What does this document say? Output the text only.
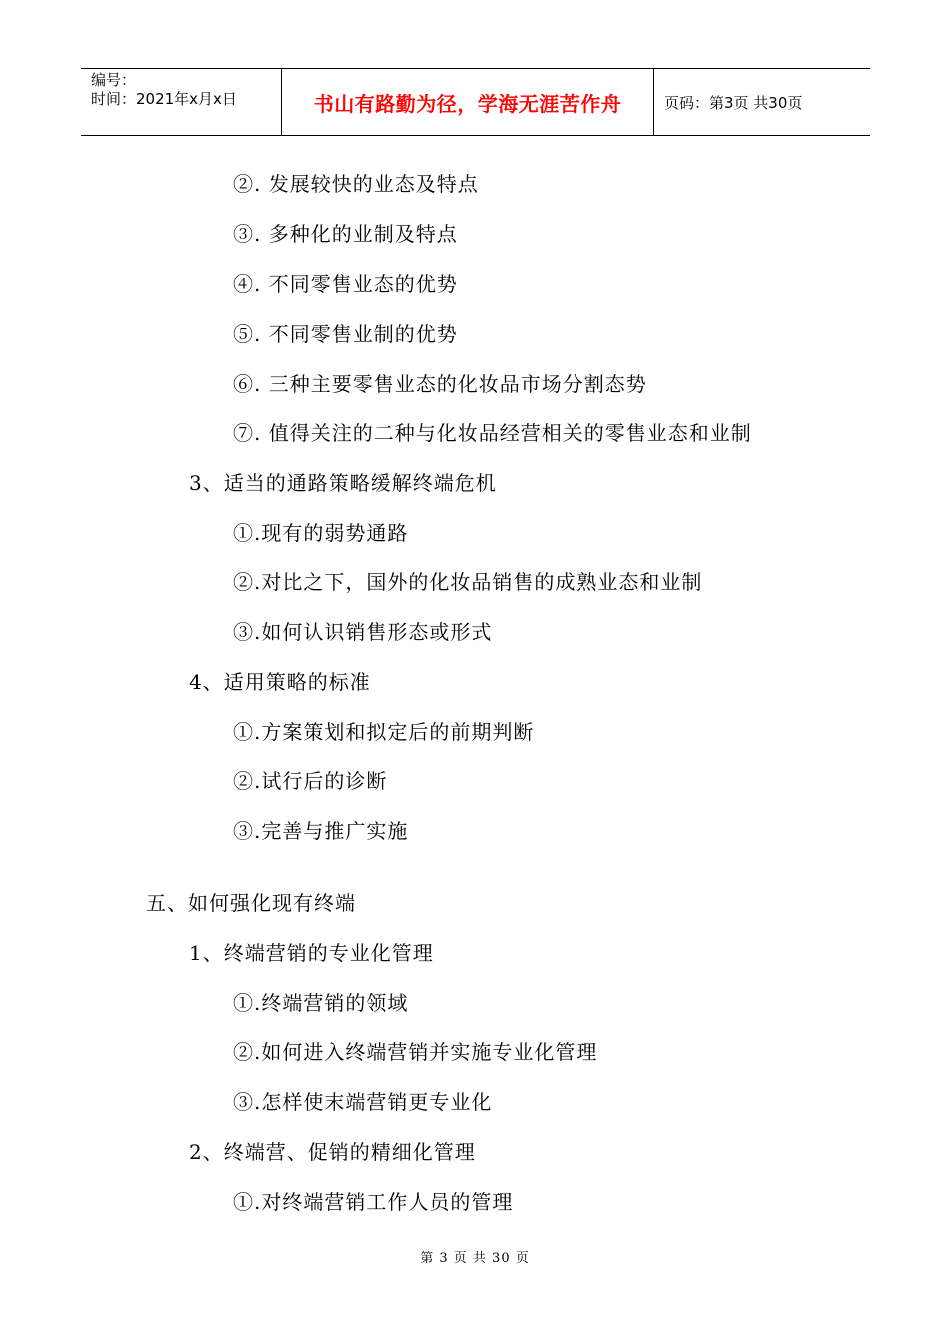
编号：
时间：2021年x月x日	书山有路勤为径，学海无涯苦作舟	页码：第3页 共30页
②. 发展较快的业态及特点
③. 多种化的业制及特点
④. 不同零售业态的优势
⑤. 不同零售业制的优势
⑥. 三种主要零售业态的化妆品市场分割态势
⑦. 值得关注的二种与化妆品经营相关的零售业态和业制
3、适当的通路策略缓解终端危机
①.现有的弱势通路
②.对比之下，国外的化妆品销售的成熟业态和业制
③.如何认识销售形态或形式
4、适用策略的标准
①.方案策划和拟定后的前期判断
②.试行后的诊断
③.完善与推广实施
五、如何强化现有终端
1、终端营销的专业化管理
①.终端营销的领域
②.如何进入终端营销并实施专业化管理
③.怎样使末端营销更专业化
2、终端营、促销的精细化管理
①.对终端营销工作人员的管理
第 3 页 共 30 页
